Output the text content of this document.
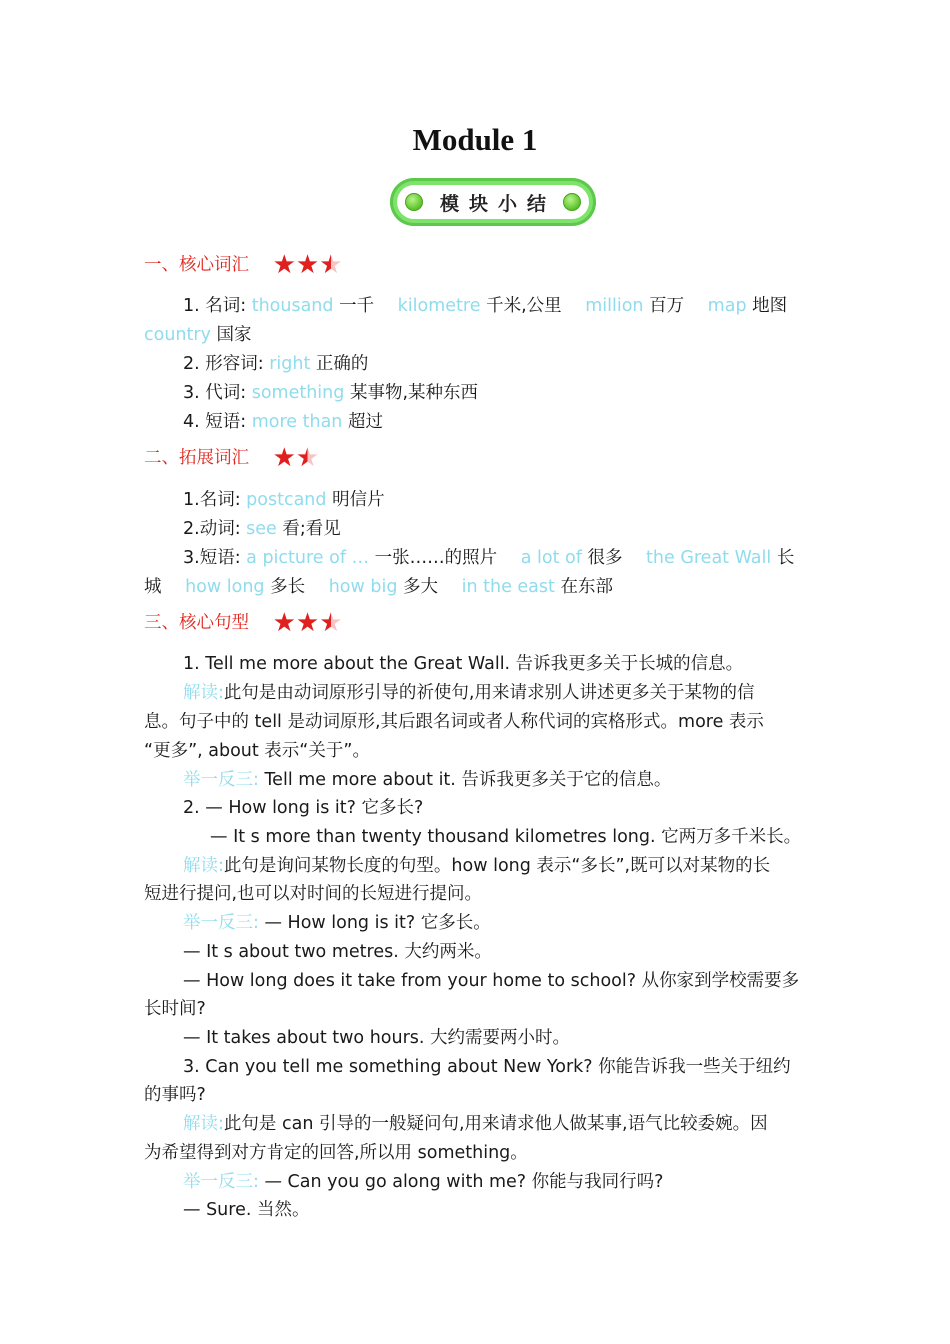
Module 1
模块小结
一、核心词汇 ★ ★ ★
1. 名词: thousand 一千 kilometre 千米,公里 million 百万 map 地图
country 国家
2. 形容词: right 正确的
3. 代词: something 某事物,某种东西
4. 短语: more than 超过
二、拓展词汇 ★ ★
1.名词: postcand 明信片
2.动词: see 看;看见
3.短语: a picture of … 一张……的照片 a lot of 很多 the Great Wall 长
城 how long 多长 how big 多大 in the east 在东部
三、核心句型 ★ ★ ★
1. Tell me more about the Great Wall. 告诉我更多关于长城的信息。
解读:此句是由动词原形引导的祈使句,用来请求别人讲述更多关于某物的信
息。句子中的 tell 是动词原形,其后跟名词或者人称代词的宾格形式。more 表示
“更多”, about 表示“关于”。
举一反三: Tell me more about it. 告诉我更多关于它的信息。
2. — How long is it? 它多长?
— It s more than twenty thousand kilometres long. 它两万多千米长。
解读:此句是询问某物长度的句型。how long 表示“多长”,既可以对某物的长
短进行提问,也可以对时间的长短进行提问。
举一反三: — How long is it? 它多长。
— It s about two metres. 大约两米。
— How long does it take from your home to school? 从你家到学校需要多
长时间?
— It takes about two hours. 大约需要两小时。
3. Can you tell me something about New York? 你能告诉我一些关于纽约
的事吗?
解读:此句是 can 引导的一般疑问句,用来请求他人做某事,语气比较委婉。因
为希望得到对方肯定的回答,所以用 something。
举一反三: — Can you go along with me? 你能与我同行吗?
— Sure. 当然。
